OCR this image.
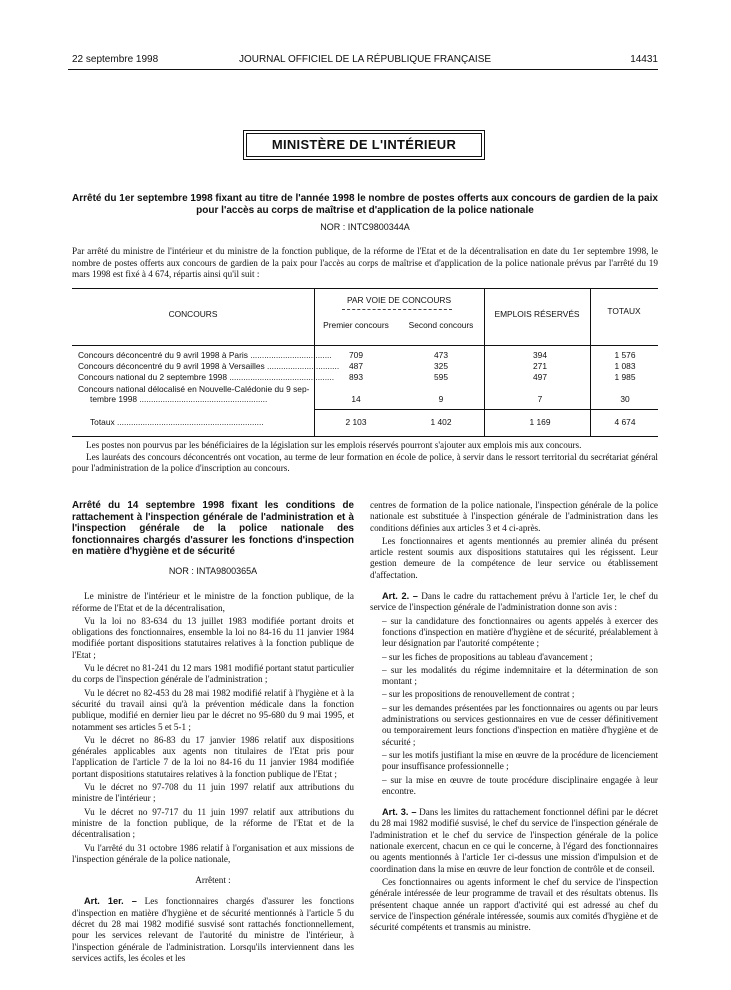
22 septembre 1998	JOURNAL OFFICIEL DE LA RÉPUBLIQUE FRANÇAISE	14431
MINISTÈRE DE L'INTÉRIEUR
Arrêté du 1er septembre 1998 fixant au titre de l'année 1998 le nombre de postes offerts aux concours de gardien de la paix pour l'accès au corps de maîtrise et d'application de la police nationale
NOR : INTC9800344A
Par arrêté du ministre de l'intérieur et du ministre de la fonction publique, de la réforme de l'Etat et de la décentralisation en date du 1er septembre 1998, le nombre de postes offerts aux concours de gardien de la paix pour l'accès au corps de maîtrise et d'application de la police nationale prévus par l'arrêté du 19 mars 1998 est fixé à 4 674, répartis ainsi qu'il suit :
CONCOURS
PAR VOIE DE CONCOURS
Premier concours	Second concours
EMPLOIS RÉSERVÉS	TOTAUX
Concours déconcentré du 9 avril 1998 à Paris ...................................	709	473	394	1 576
Concours déconcentré du 9 avril 1998 à Versailles ...............................	487	325	271	1 083
Concours national du 2 septembre 1998 .............................................	893	595	497	1 985
Concours national délocalisé en Nouvelle-Calédonie du 9 sep-
tembre 1998 .......................................................	14	9	7	30
Totaux ...............................................................	2 103	1 402	1 169	4 674

Les postes non pourvus par les bénéficiaires de la législation sur les emplois réservés pourront s'ajouter aux emplois mis aux concours.

Les lauréats des concours déconcentrés ont vocation, au terme de leur formation en école de police, à servir dans le ressort territorial du secrétariat général pour l'administration de la police d'inscription au concours.

Arrêté du 14 septembre 1998 fixant les conditions de rattachement à l'inspection générale de l'administration et à l'inspection générale de la police nationale des fonctionnaires chargés d'assurer les fonctions d'inspection en matière d'hygiène et de sécurité
NOR : INTA9800365A

Le ministre de l'intérieur et le ministre de la fonction publique, de la réforme de l'Etat et de la décentralisation,

Vu la loi no 83-634 du 13 juillet 1983 modifiée portant droits et obligations des fonctionnaires, ensemble la loi no 84-16 du 11 janvier 1984 modifiée portant dispositions statutaires relatives à la fonction publique de l'Etat ;

Vu le décret no 81-241 du 12 mars 1981 modifié portant statut particulier du corps de l'inspection générale de l'administration ;

Vu le décret no 82-453 du 28 mai 1982 modifié relatif à l'hygiène et à la sécurité du travail ainsi qu'à la prévention médicale dans la fonction publique, modifié en dernier lieu par le décret no 95-680 du 9 mai 1995, et notamment ses articles 5 et 5-1 ;

Vu le décret no 86-83 du 17 janvier 1986 relatif aux dispositions générales applicables aux agents non titulaires de l'Etat pris pour l'application de l'article 7 de la loi no 84-16 du 11 janvier 1984 modifiée portant dispositions statutaires relatives à la fonction publique de l'Etat ;

Vu le décret no 97-708 du 11 juin 1997 relatif aux attributions du ministre de l'intérieur ;

Vu le décret no 97-717 du 11 juin 1997 relatif aux attributions du ministre de la fonction publique, de la réforme de l'Etat et de la décentralisation ;

Vu l'arrêté du 31 octobre 1986 relatif à l'organisation et aux missions de l'inspection générale de la police nationale,

Arrêtent :

Art. 1er. – Les fonctionnaires chargés d'assurer les fonctions d'inspection en matière d'hygiène et de sécurité mentionnés à l'article 5 du décret du 28 mai 1982 modifié susvisé sont rattachés fonctionnellement, pour les services relevant de l'autorité du ministre de l'intérieur, à l'inspection générale de l'administration. Lorsqu'ils interviennent dans les services actifs, les écoles et les

centres de formation de la police nationale, l'inspection générale de la police nationale est substituée à l'inspection générale de l'administration dans les conditions définies aux articles 3 et 4 ci-après.

Les fonctionnaires et agents mentionnés au premier alinéa du présent article restent soumis aux dispositions statutaires qui les régissent. Leur gestion demeure de la compétence de leur service ou établissement d'affectation.

Art. 2. – Dans le cadre du rattachement prévu à l'article 1er, le chef du service de l'inspection générale de l'administration donne son avis :

– sur la candidature des fonctionnaires ou agents appelés à exercer des fonctions d'inspection en matière d'hygiène et de sécurité, préalablement à leur désignation par l'autorité compétente ;
– sur les fiches de propositions au tableau d'avancement ;
– sur les modalités du régime indemnitaire et la détermination de son montant ;
– sur les propositions de renouvellement de contrat ;
– sur les demandes présentées par les fonctionnaires ou agents ou par leurs administrations ou services gestionnaires en vue de cesser définitivement ou temporairement leurs fonctions d'inspection en matière d'hygiène et de sécurité ;
– sur les motifs justifiant la mise en œuvre de la procédure de licenciement pour insuffisance professionnelle ;
– sur la mise en œuvre de toute procédure disciplinaire engagée à leur encontre.

Art. 3. – Dans les limites du rattachement fonctionnel défini par le décret du 28 mai 1982 modifié susvisé, le chef du service de l'inspection générale de l'administration et le chef du service de l'inspection générale de la police nationale exercent, chacun en ce qui le concerne, à l'égard des fonctionnaires ou agents mentionnés à l'article 1er ci-dessus une mission d'impulsion et de coordination dans la mise en œuvre de leur fonction de contrôle et de conseil.

Ces fonctionnaires ou agents informent le chef du service de l'inspection générale intéressée de leur programme de travail et des résultats obtenus. Ils présentent chaque année un rapport d'activité qui est adressé au chef du service de l'inspection générale intéressée, soumis aux comités d'hygiène et de sécurité compétents et transmis au ministre.
